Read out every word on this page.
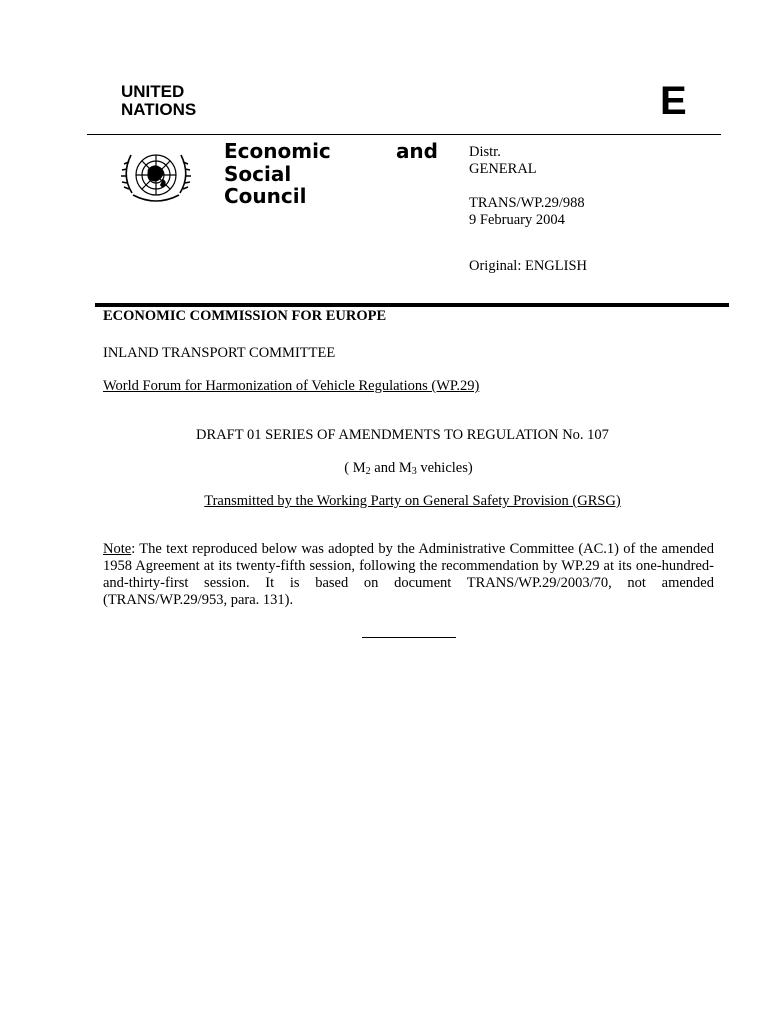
UNITED
NATIONS	E
Economic	and
Social
Council
Distr.
GENERAL
TRANS/WP.29/988
9 February 2004
Original: ENGLISH
ECONOMIC COMMISSION FOR EUROPE
INLAND TRANSPORT COMMITTEE
World Forum for Harmonization of Vehicle Regulations (WP.29)
DRAFT 01 SERIES OF AMENDMENTS TO REGULATION No. 107
( $M_2$ and $M_3$ vehicles)
Transmitted by the Working Party on General Safety Provision (GRSG)
Note: The text reproduced below was adopted by the Administrative Committee (AC.1) of the amended 1958 Agreement at its twenty-fifth session, following the recommendation by WP.29 at its one-hundred-and-thirty-first session. It is based on document TRANS/WP.29/2003/70, not amended (TRANS/WP.29/953, para. 131).
